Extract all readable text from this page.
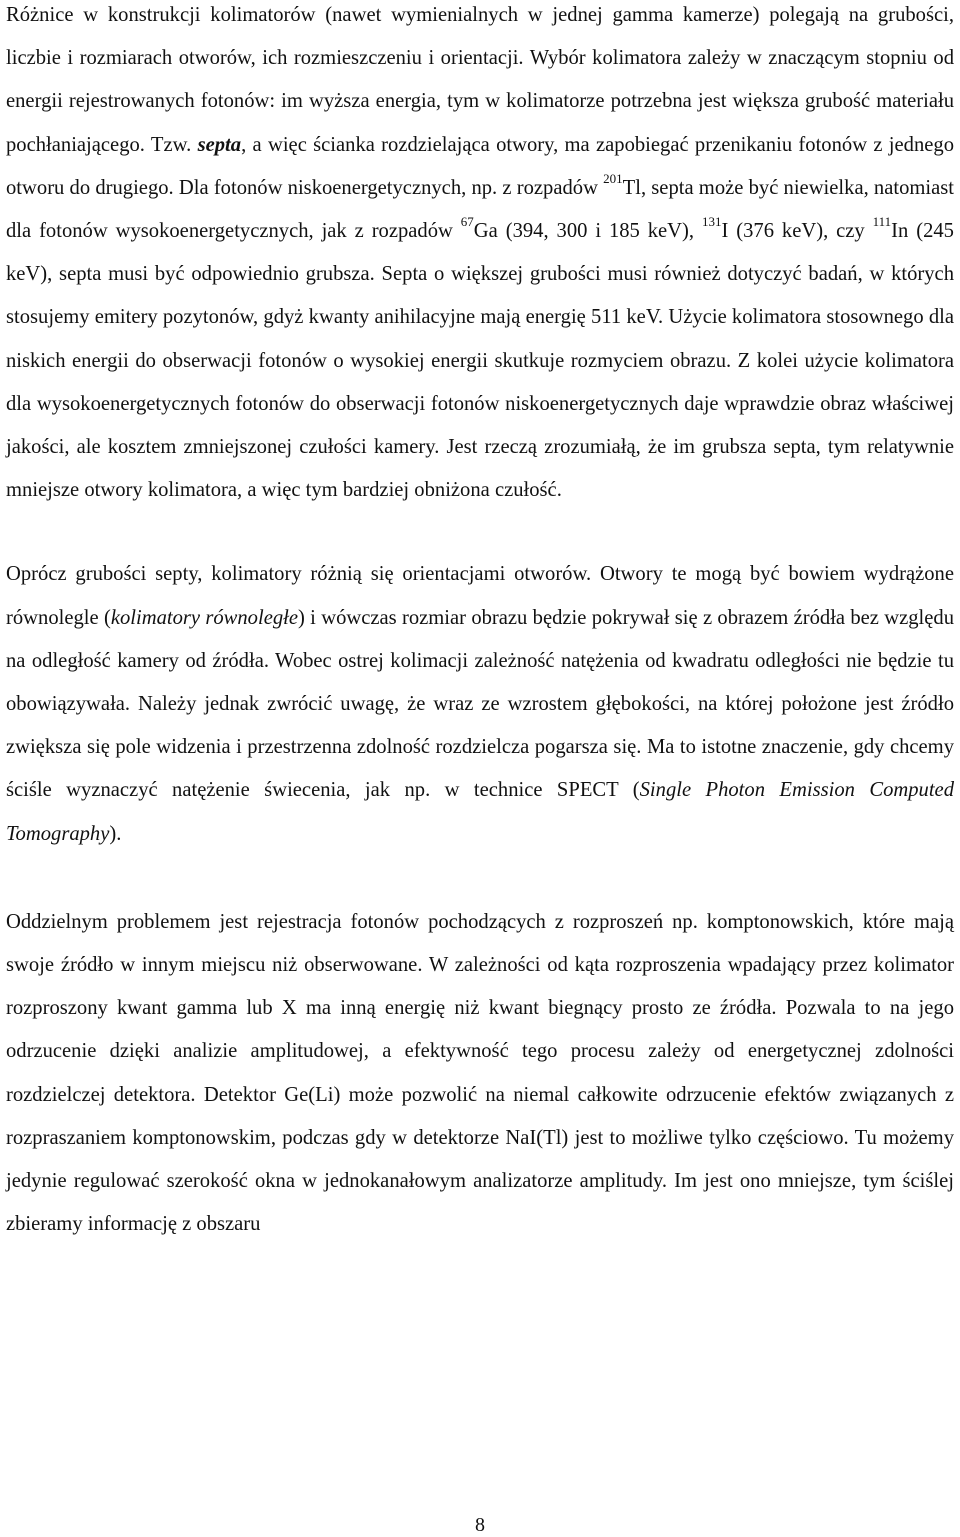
Różnice w konstrukcji kolimatorów (nawet wymienialnych w jednej gamma kamerze) polegają na grubości, liczbie i rozmiarach otworów, ich rozmieszczeniu i orientacji. Wybór kolimatora zależy w znaczącym stopniu od energii rejestrowanych fotonów: im wyższa energia, tym w kolimatorze potrzebna jest większa grubość materiału pochłaniającego. Tzw. septa, a więc ścianka rozdzielająca otwory, ma zapobiegać przenikaniu fotonów z jednego otworu do drugiego. Dla fotonów niskoenergetycznych, np. z rozpadów $^{201}$Tl, septa może być niewielka, natomiast dla fotonów wysokoenergetycznych, jak z rozpadów $^{67}$Ga (394, 300 i 185 keV), $^{131}$I (376 keV), czy $^{111}$In (245 keV), septa musi być odpowiednio grubsza. Septa o większej grubości musi również dotyczyć badań, w których stosujemy emitery pozytonów, gdyż kwanty anihilacyjne mają energię 511 keV. Użycie kolimatora stosownego dla niskich energii do obserwacji fotonów o wysokiej energii skutkuje rozmyciem obrazu. Z kolei użycie kolimatora dla wysokoenergetycznych fotonów do obserwacji fotonów niskoenergetycznych daje wprawdzie obraz właściwej jakości, ale kosztem zmniejszonej czułości kamery. Jest rzeczą zrozumiałą, że im grubsza septa, tym relatywnie mniejsze otwory kolimatora, a więc tym bardziej obniżona czułość.

Oprócz grubości septy, kolimatory różnią się orientacjami otworów. Otwory te mogą być bowiem wydrążone równolegle (kolimatory równoległe) i wówczas rozmiar obrazu będzie pokrywał się z obrazem źródła bez względu na odległość kamery od źródła. Wobec ostrej kolimacji zależność natężenia od kwadratu odległości nie będzie tu obowiązywała. Należy jednak zwrócić uwagę, że wraz ze wzrostem głębokości, na której położone jest źródło zwiększa się pole widzenia i przestrzenna zdolność rozdzielcza pogarsza się. Ma to istotne znaczenie, gdy chcemy ściśle wyznaczyć natężenie świecenia, jak np. w technice SPECT (Single Photon Emission Computed Tomography).

Oddzielnym problemem jest rejestracja fotonów pochodzących z rozproszeń np. komptonowskich, które mają swoje źródło w innym miejscu niż obserwowane. W zależności od kąta rozproszenia wpadający przez kolimator rozproszony kwant gamma lub X ma inną energię niż kwant biegnący prosto ze źródła. Pozwala to na jego odrzucenie dzięki analizie amplitudowej, a efektywność tego procesu zależy od energetycznej zdolności rozdzielczej detektora. Detektor Ge(Li) może pozwolić na niemal całkowite odrzucenie efektów związanych z rozpraszaniem komptonowskim, podczas gdy w detektorze NaI(Tl) jest to możliwe tylko częściowo. Tu możemy jedynie regulować szerokość okna w jednokanałowym analizatorze amplitudy. Im jest ono mniejsze, tym ściślej zbieramy informację z obszaru

8
